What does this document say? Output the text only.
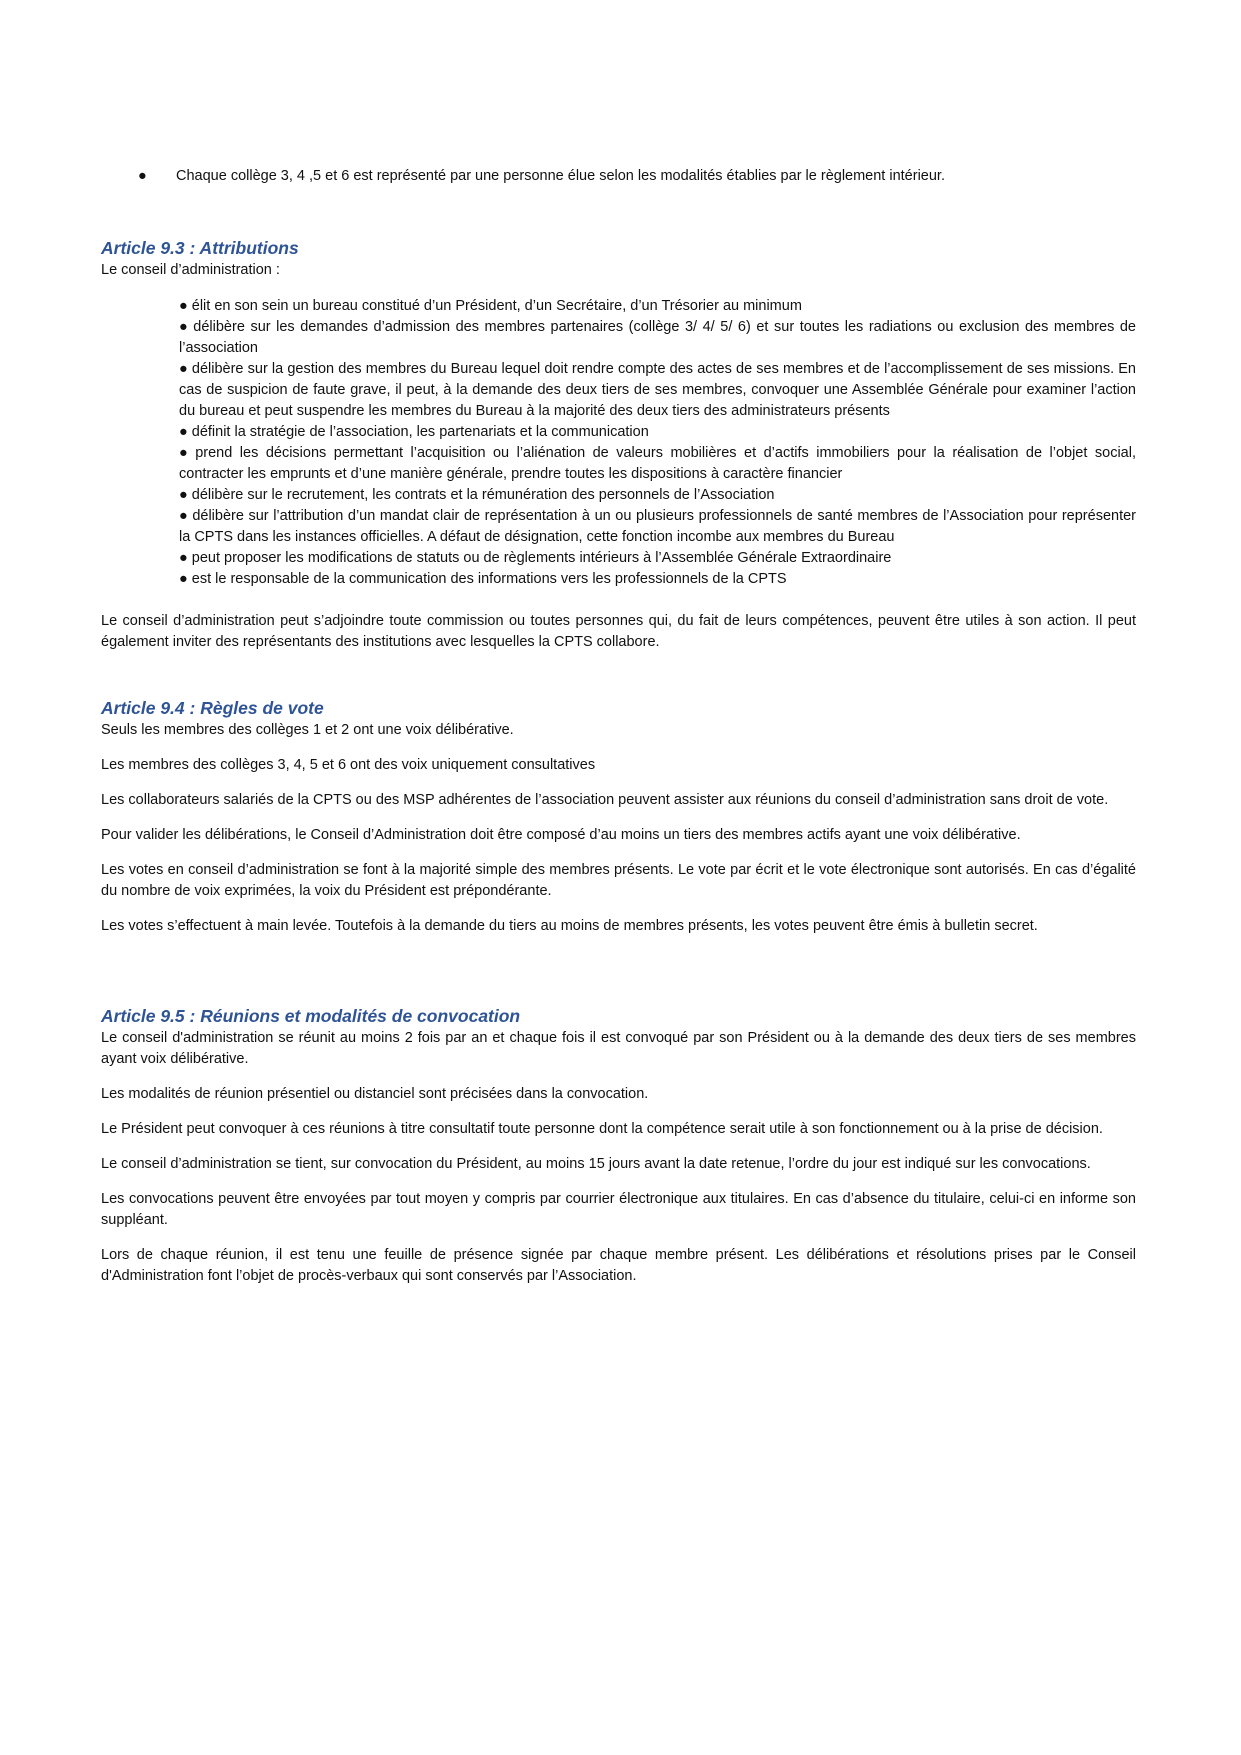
● Chaque collège 3, 4 ,5 et 6 est représenté par une personne élue selon les modalités établies par le règlement intérieur.
Article 9.3 : Attributions

Le conseil d’administration :

● élit en son sein un bureau constitué d’un Président, d’un Secrétaire, d’un Trésorier au minimum
● délibère sur les demandes d’admission des membres partenaires (collège 3/ 4/ 5/ 6) et sur toutes les radiations ou exclusion des membres de l’association
● délibère sur la gestion des membres du Bureau lequel doit rendre compte des actes de ses membres et de l’accomplissement de ses missions. En cas de suspicion de faute grave, il peut, à la demande des deux tiers de ses membres, convoquer une Assemblée Générale pour examiner l’action du bureau et peut suspendre les membres du Bureau à la majorité des deux tiers des administrateurs présents
● définit la stratégie de l’association, les partenariats et la communication
● prend les décisions permettant l’acquisition ou l’aliénation de valeurs mobilières et d’actifs immobiliers pour la réalisation de l’objet social, contracter les emprunts et d’une manière générale, prendre toutes les dispositions à caractère financier
● délibère sur le recrutement, les contrats et la rémunération des personnels de l’Association
● délibère sur l’attribution d’un mandat clair de représentation à un ou plusieurs professionnels de santé membres de l’Association pour représenter la CPTS dans les instances officielles. A défaut de désignation, cette fonction incombe aux membres du Bureau
● peut proposer les modifications de statuts ou de règlements intérieurs à l’Assemblée Générale Extraordinaire
● est le responsable de la communication des informations vers les professionnels de la CPTS

Le conseil d’administration peut s’adjoindre toute commission ou toutes personnes qui, du fait de leurs compétences, peuvent être utiles à son action. Il peut également inviter des représentants des institutions avec lesquelles la CPTS collabore.

Article 9.4 : Règles de vote

Seuls les membres des collèges 1 et 2 ont une voix délibérative.

Les membres des collèges 3, 4, 5 et 6 ont des voix uniquement consultatives

Les collaborateurs salariés de la CPTS ou des MSP adhérentes de l’association peuvent assister aux réunions du conseil d’administration sans droit de vote.

Pour valider les délibérations, le Conseil d’Administration doit être composé d’au moins un tiers des membres actifs ayant une voix délibérative.

Les votes en conseil d’administration se font à la majorité simple des membres présents. Le vote par écrit et le vote électronique sont autorisés. En cas d’égalité du nombre de voix exprimées, la voix du Président est prépondérante.

Les votes s’effectuent à main levée. Toutefois à la demande du tiers au moins de membres présents, les votes peuvent être émis à bulletin secret.

Article 9.5 : Réunions et modalités de convocation

Le conseil d'administration se réunit au moins 2 fois par an et chaque fois il est convoqué par son Président ou à la demande des deux tiers de ses membres ayant voix délibérative.

Les modalités de réunion présentiel ou distanciel sont précisées dans la convocation.

Le Président peut convoquer à ces réunions à titre consultatif toute personne dont la compétence serait utile à son fonctionnement ou à la prise de décision.

Le conseil d’administration se tient, sur convocation du Président, au moins 15 jours avant la date retenue, l’ordre du jour est indiqué sur les convocations.

Les convocations peuvent être envoyées par tout moyen y compris par courrier électronique aux titulaires. En cas d’absence du titulaire, celui-ci en informe son suppléant.

Lors de chaque réunion, il est tenu une feuille de présence signée par chaque membre présent. Les délibérations et résolutions prises par le Conseil d'Administration font l’objet de procès-verbaux qui sont conservés par l’Association.
